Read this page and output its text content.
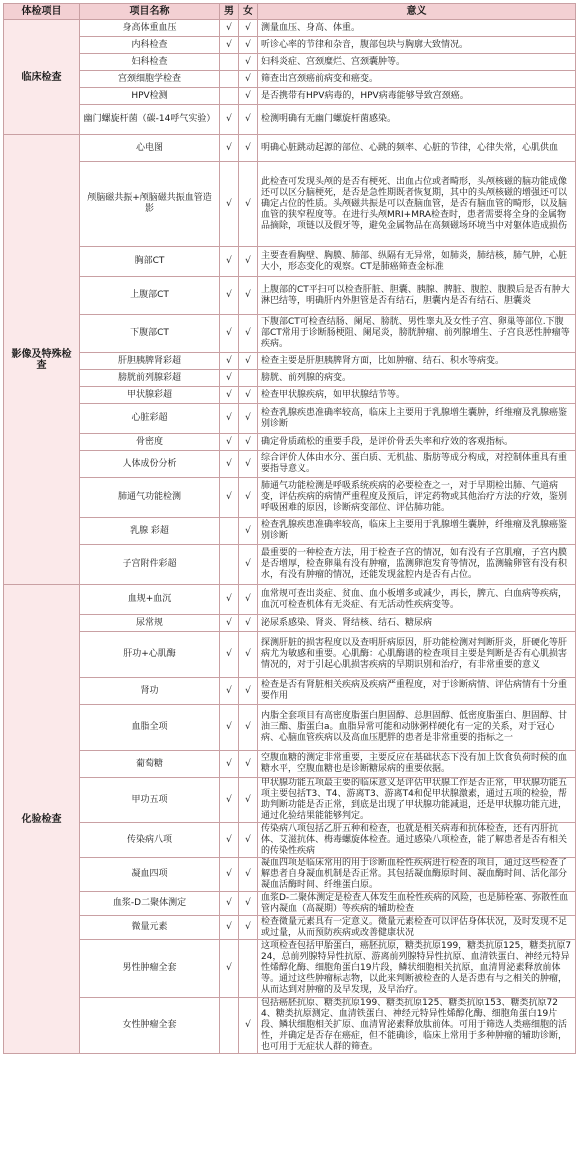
体检项目	项目名称	男	女	意义
临床检查	身高体重血压	√	√	测量血压、身高、体重。
	内科检查	√	√	听诊心率的节律和杂音，腹部包块与胸廓大致情况。
	妇科检查		√	妇科炎症、宫颈糜烂、宫颈囊肿等。
	宫颈细胞学检查		√	筛查出宫颈癌前病变和癌变。
	HPV检测		√	是否携带有HPV病毒的，HPV病毒能够导致宫颈癌。
	幽门螺旋杆菌（碳-14呼气实验）	√	√	检测明确有无幽门螺旋杆菌感染。
影像及特殊检查	心电图	√	√	明确心脏跳动起源的部位、心跳的频率、心脏的节律，心律失常，心肌供血
	颅脑磁共振+颅脑磁共振血管造影	√	√	此检查可发现头颅的是否有梗死、出血占位或者畸形，头颅核磁的脑功能成像还可以区分脑梗死，是否是急性期既者恢复期，其中的头颅核磁的增强还可以确定占位的性质。头颅磁共振是可以查脑血管，是否有脑血管的畸形，以及脑血管的狭窄程度等。在进行头颅MRI+MRA检查时，患者需要将全身的金属物品摘除，项链以及假牙等，避免金属物品在高频磁场环境当中对躯体造成损伤
	胸部CT	√	√	主要查看胸壁、胸膜、肺部、纵隔有无异常，如肺炎，肺结核，肺气肿，心脏大小，形态变化的观察。CT是肺癌筛查金标准
	上腹部CT	√	√	上腹部的CT平扫可以检查肝脏、胆囊、胰腺、脾脏、腹腔、腹膜后是否有肿大淋巴结等，明确肝内外胆管是否有结石，胆囊内是否有结石、胆囊炎
	下腹部CT	√	√	下腹部CT可检查结肠、阑尾、膀胱、男性睾丸及女性子宫、卵巢等部位.下腹部CT常用于诊断肠梗阻、阑尾炎，膀胱肿瘤、前列腺增生、子宫良恶性肿瘤等疾病。
	肝胆胰脾肾彩超	√	√	检查主要是肝胆胰脾肾方面，比如肿瘤、结石、积水等病变。
	膀胱前列腺彩超	√		膀胱、前列腺的病变。
	甲状腺彩超	√	√	检查甲状腺疾病，如甲状腺结节等。
	心脏彩超	√	√	检查乳腺疾患准确率较高，临床上主要用于乳腺增生囊肿，纤维瘤及乳腺癌鉴别诊断
	骨密度	√	√	确定骨质疏松的重要手段，是评价骨丢失率和疗效的客观指标。
	人体成份分析	√	√	综合评价人体由水分、蛋白质、无机盐、脂肪等成分构成，对控制体重具有重要指导意义。
	肺通气功能检测	√	√	肺通气功能检测是呼吸系统疾病的必要检查之一，对于早期检出肺、气道病变，评估疾病的病情严重程度及预后，评定药物或其他治疗方法的疗效，鉴别呼吸困难的原因，诊断病变部位、评估肺功能。
	乳腺 彩超		√	检查乳腺疾患准确率较高，临床上主要用于乳腺增生囊肿，纤维瘤及乳腺癌鉴别诊断
	子宫附件彩超		√	最重要的一种检查方法，用于检查子宫的情况，如有没有子宫肌瘤，子宫内膜是否增厚，检查卵巢有没有肿瘤，监测卵泡发育等情况，监测输卵管有没有积水，有没有肿瘤的情况，还能发现盆腔内是否有占位。
化验检查	血规+血沉	√	√	血常规可查出炎症、贫血、血小板增多或减少，再长，脾亢、白血病等疾病，血沉可检查机体有无炎症、有无活动性疾病变等。
	尿常规	√	√	泌尿系感染、肾炎、肾结核、结石、糖尿病
	肝功+心肌酶	√	√	探测肝脏的损害程度以及查明肝病原因，肝功能检测对判断肝炎，肝硬化等肝病尤为敏感和重要。心肌酶：心肌酶谱的检查项目主要是判断是否有心肌损害情况的，对于引起心肌损害疾病的早期识别和治疗，有非常重要的意义
	肾功	√	√	检查是否有肾脏相关疾病及疾病严重程度，对于诊断病情、评估病情有十分重要作用
	血脂全项	√	√	内脂全套项目有高密度脂蛋白胆固醇、总胆固醇、低密度脂蛋白、胆固醇、甘油三酯、脂蛋白a。血脂异常可能和动脉粥样硬化有一定的关系，对于冠心病、心脑血管疾病以及高血压肥胖的患者是非常重要的指标之一
	葡萄糖	√	√	空腹血糖的测定非常重要，主要反应在基础状态下没有加上饮食负荷时候的血糖水平，空腹血糖也是诊断糖尿病的重要依据。
	甲功五项	√	√	甲状腺功能五项最主要的临床意义是评估甲状腺工作是否正常，甲状腺功能五项主要包括T3、T4、游离T3、游离T4和促甲状腺激素，通过五项的检验，帮助判断功能是否正常，到底是出现了甲状腺功能减退，还是甲状腺功能亢进，通过化验结果能能够判定。
	传染病八项	√	√	传染病八项包括乙肝五种和检查，也就是相关病毒和抗体检查，还有丙肝抗体、艾滋抗体、梅毒螺旋体检查。通过感染八项检查，能了解患者是否有相关的传染性疾病
	凝血四项	√	√	凝血四项是临床常用的用于诊断血栓性疾病进行检查的项目，通过这些检查了解患者自身凝血机制是否正常。其包括凝血酶原时间、凝血酶时间、活化部分凝血活酶时间、纤维蛋白原。
	血浆-D二聚体测定	√	√	血浆D-二聚体测定是检查人体发生血栓性疾病的风险，也是肺栓塞、弥散性血管内凝血（高凝期）等疾病的辅助检查
	微量元素	√	√	检查微量元素具有一定意义。微量元素检查可以评估身体状况，及时发现不足或过量，从而预防疾病或改善健康状况
	男性肿瘤全套	√		这项检查包括甲胎蛋白，癌胚抗原，糖类抗原199，糖类抗原125，糖类抗原724，总前列腺特异性抗原、游离前列腺特异性抗原、血清铁蛋白、神经元特异性烯醇化酶、细胞角蛋白19片段，鳞状细胞相关抗原，血清胃泌素释放前体等。通过这些肿瘤标志物，以此来判断被检查的人是否患有与之相关的肿瘤，从而达到对肿瘤的及早发现，及早治疗。
	女性肿瘤全套		√	包括癌胚抗原、糖类抗原199、糖类抗原125、糖类抗原153、糖类抗原724、糖类抗原测定、血清铁蛋白、神经元特异性烯醇化酶、细胞角蛋白19片段、鳞状细胞相关扩原、血清胃泌素释放肽前体。可用于筛选人类癌细胞的活性，并确定是否存在癌症，但不能确诊，临床上常用于多种肿瘤的辅助诊断，也可用于无症状人群的筛查。
